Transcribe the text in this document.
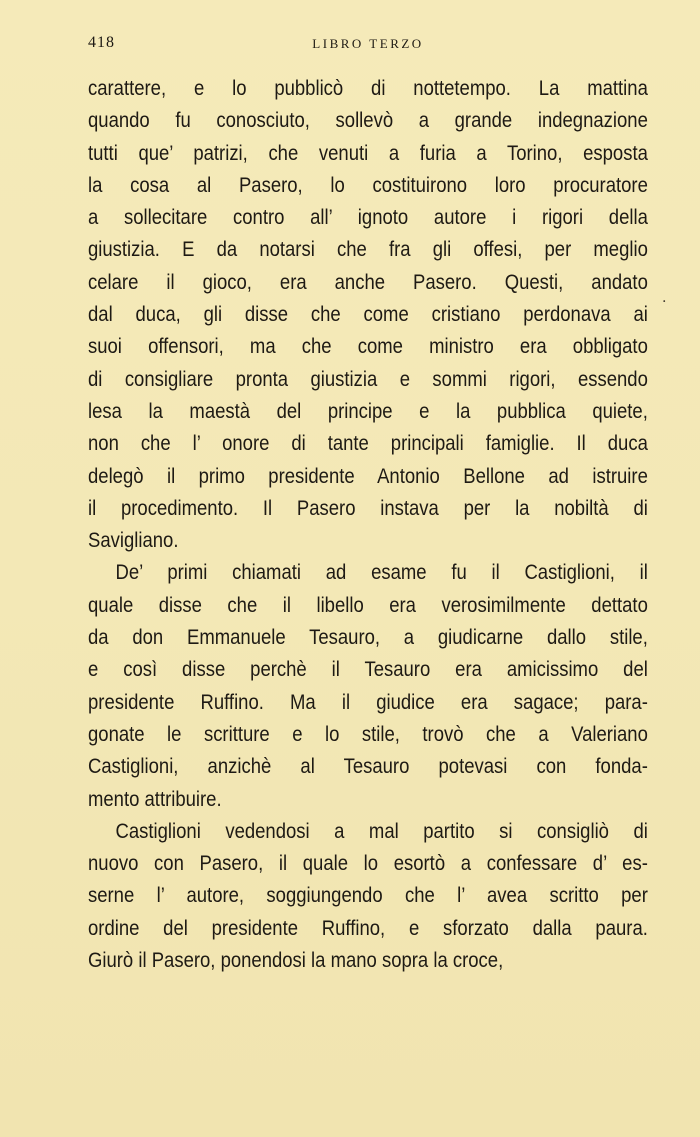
418	LIBRO TERZO
carattere, e lo pubblicò di nottetempo. La mattina
quando fu conosciuto, sollevò a grande indegnazione
tutti que’ patrizi, che venuti a furia a Torino, esposta
la cosa al Pasero, lo costituirono loro procuratore
a sollecitare contro all’ ignoto autore i rigori della
giustizia. E da notarsi che fra gli offesi, per meglio
celare il gioco, era anche Pasero. Questi, andato
dal duca, gli disse che come cristiano perdonava ai
suoi offensori, ma che come ministro era obbligato
di consigliare pronta giustizia e sommi rigori, essendo
lesa la maestà del principe e la pubblica quiete,
non che l’ onore di tante principali famiglie. Il duca
delegò il primo presidente Antonio Bellone ad istruire
il procedimento. Il Pasero instava per la nobiltà di
Savigliano.
De’ primi chiamati ad esame fu il Castiglioni, il
quale disse che il libello era verosimilmente dettato
da don Emmanuele Tesauro, a giudicarne dallo stile,
e così disse perchè il Tesauro era amicissimo del
presidente Ruffino. Ma il giudice era sagace; para-
gonate le scritture e lo stile, trovò che a Valeriano
Castiglioni, anzichè al Tesauro potevasi con fonda-
mento attribuire.
Castiglioni vedendosi a mal partito si consigliò di
nuovo con Pasero, il quale lo esortò a confessare d’ es-
serne l’ autore, soggiungendo che l’ avea scritto per
ordine del presidente Ruffino, e sforzato dalla paura.
Giurò il Pasero, ponendosi la mano sopra la croce,
.
